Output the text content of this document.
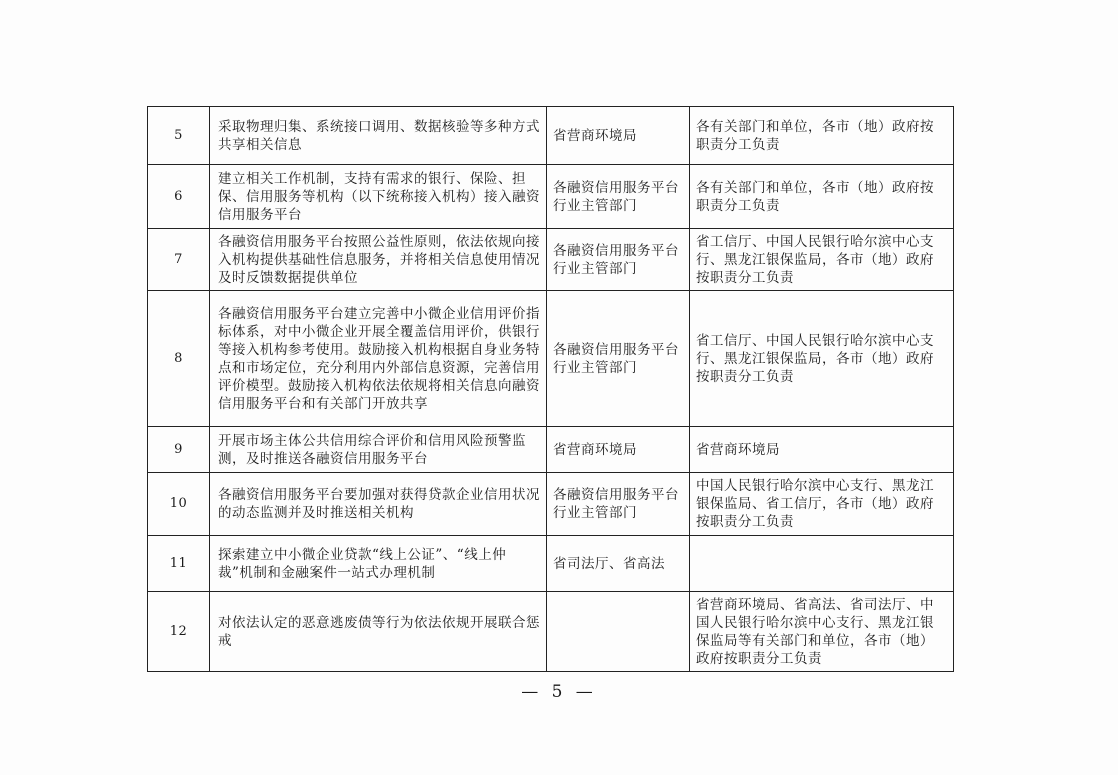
5	采取物理归集、系统接口调用、数据核验等多种方式共享相关信息	省营商环境局	各有关部门和单位，各市（地）政府按职责分工负责
6	建立相关工作机制，支持有需求的银行、保险、担保、信用服务等机构（以下统称接入机构）接入融资信用服务平台	各融资信用服务平台行业主管部门	各有关部门和单位，各市（地）政府按职责分工负责
7	各融资信用服务平台按照公益性原则，依法依规向接入机构提供基础性信息服务，并将相关信息使用情况及时反馈数据提供单位	各融资信用服务平台行业主管部门	省工信厅、中国人民银行哈尔滨中心支行、黑龙江银保监局，各市（地）政府按职责分工负责
8	各融资信用服务平台建立完善中小微企业信用评价指标体系，对中小微企业开展全覆盖信用评价，供银行等接入机构参考使用。鼓励接入机构根据自身业务特点和市场定位，充分利用内外部信息资源，完善信用评价模型。鼓励接入机构依法依规将相关信息向融资信用服务平台和有关部门开放共享	各融资信用服务平台行业主管部门	省工信厅、中国人民银行哈尔滨中心支行、黑龙江银保监局，各市（地）政府按职责分工负责
9	开展市场主体公共信用综合评价和信用风险预警监测，及时推送各融资信用服务平台	省营商环境局	省营商环境局
10	各融资信用服务平台要加强对获得贷款企业信用状况的动态监测并及时推送相关机构	各融资信用服务平台行业主管部门	中国人民银行哈尔滨中心支行、黑龙江银保监局、省工信厅，各市（地）政府按职责分工负责
11	探索建立中小微企业贷款“线上公证”、“线上仲裁”机制和金融案件一站式办理机制	省司法厅、省高法	
12	对依法认定的恶意逃废债等行为依法依规开展联合惩戒		省营商环境局、省高法、省司法厅、中国人民银行哈尔滨中心支行、黑龙江银保监局等有关部门和单位，各市（地）政府按职责分工负责
— 5 —
